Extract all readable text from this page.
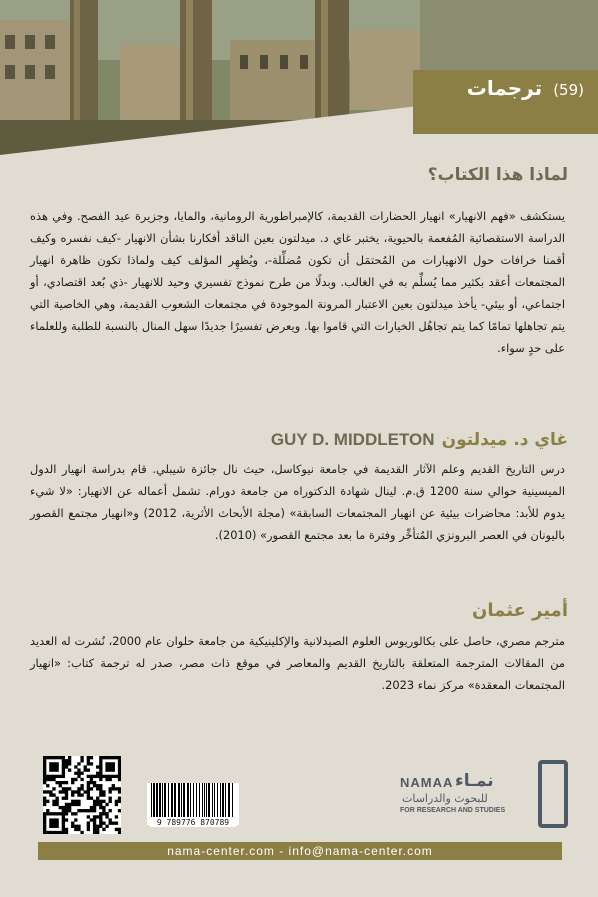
ترجمات (59)
لماذا هذا الكتاب؟
يستكشف «فهم الانهيار» انهيار الحضارات القديمة، كالإمبراطورية الرومانية، والمايا، وجزيرة عيد الفصح. وفي هذه الدراسة الاستقصائية المُفعمة بالحيوية، يختبر غاي د. ميدلتون بعين الناقد أفكارنا بشأن الانهيار -كيف نفسره وكيف أقمنا خرافات حول الانهيارات من المُحتمَل أن تكون مُضلِّلة-، ويُظهِر المؤلف كيف ولماذا تكون ظاهرة انهيار المجتمعات أعقد بكثير مما يُسلِّم به في الغالب. وبدلًا من طرح نموذج تفسيري وحيد للانهيار -ذي بُعد اقتصادي، أو اجتماعي، أو بيئي- يأخذ ميدلتون بعين الاعتبار المرونة الموجودة في مجتمعات الشعوب القديمة، وهي الخاصية التي يتم تجاهلها تمامًا كما يتم تجاهُل الخيارات التي قاموا بها. ويعرض تفسيرًا جديدًا سهل المنال بالنسبة للطلبة وللعلماء على حدٍ سواء.
غاي د. ميدلتون GUY D. MIDDLETON
درس التاريخ القديم وعلم الآثار القديمة في جامعة نيوكاسل، حيث نال جائزة شيبلي. قام بدراسة انهيار الدول الميسينية حوالي سنة 1200 ق.م. لينال شهادة الدكتوراه من جامعة دورام. تشمل أعماله عن الانهيار: «لا شيء يدوم للأبد: محاضرات بيئية عن انهيار المجتمعات السابقة» (مجلة الأبحاث الأثرية، 2012) و«انهيار مجتمع القصور باليونان في العصر البرونزي المُتأخِّر وفترة ما بعد مجتمع القصور» (2010).
أمير عثمان
مترجم مصري، حاصل على بكالوريوس العلوم الصيدلانية والإكلينيكية من جامعة حلوان عام 2000، نُشرت له العديد من المقالات المترجمة المتعلقة بالتاريخ القديم والمعاصر في موقع ذات مصر، صدر له ترجمة كتاب: «انهيار المجتمعات المعقدة» مركز نماء 2023.
9 789776 870789
NAMAA نمـاء
للبحوث والدراسات
FOR RESEARCH AND STUDIES
nama-center.com - info@nama-center.com
